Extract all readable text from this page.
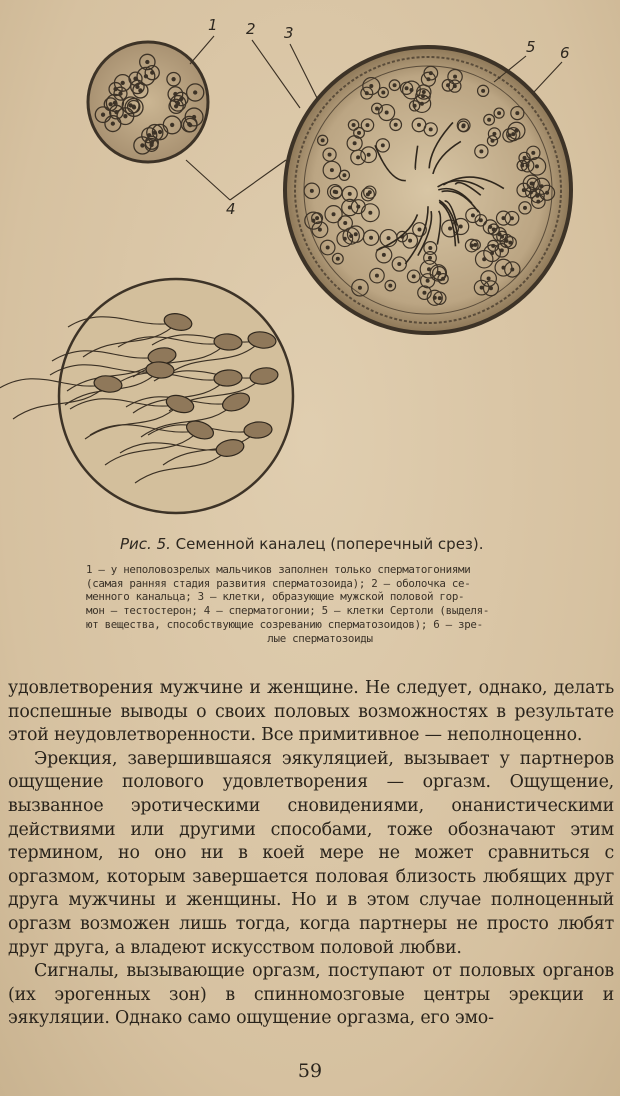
1 2 3
4
5 6
Рис. 5. Семенной каналец (поперечный срез).

1 — у неполовозрелых мальчиков заполнен только сперматогониями

(самая ранняя стадия развития сперматозоида); 2 — оболочка се-

менного канальца; 3 — клетки, образующие мужской половой гор-

мон — тестостерон; 4 — сперматогонии; 5 — клетки Сертоли (выделя-

ют вещества, способствующие созреванию сперматозоидов); 6 — зре-

лые сперматозоиды

удовлетворения мужчине и женщине. Не следует, однако, делать поспешные выводы о своих половых возможностях в результате этой неудовлетворенности. Все примитивное — неполноценно.

Эрекция, завершившаяся эякуляцией, вызывает у партнеров ощущение полового удовлетворения — оргазм. Ощущение, вызванное эротическими сновидениями, онанистическими действиями или другими способами, тоже обозначают этим термином, но оно ни в коей мере не может сравниться с оргазмом, которым завершается половая близость любящих друг друга мужчины и женщины. Но и в этом случае полноценный оргазм возможен лишь тогда, когда партнеры не просто любят друг друга, а владеют искусством половой любви.

Сигналы, вызывающие оргазм, поступают от половых органов (их эрогенных зон) в спинномозговые центры эрекции и эякуляции. Однако само ощущение оргазма, его эмо-

59
